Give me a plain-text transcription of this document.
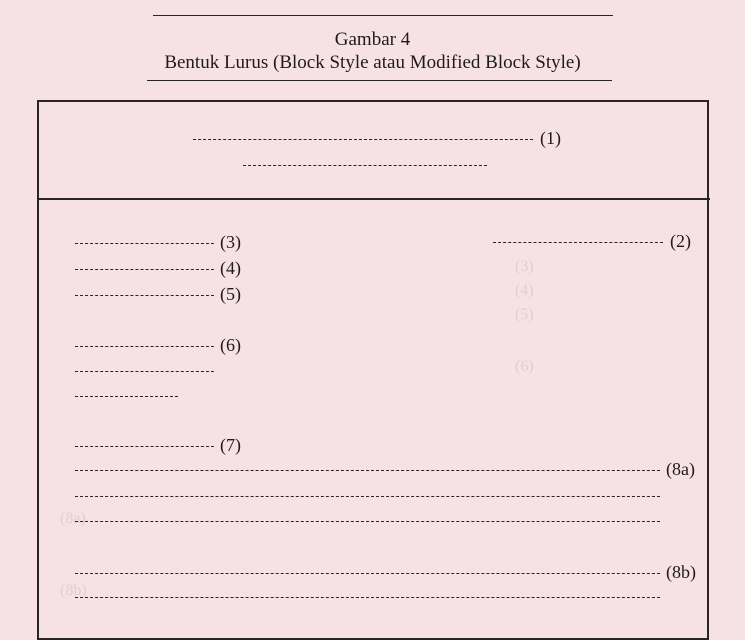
Gambar 4
Bentuk Lurus (Block Style atau Modified Block Style)
(3)
(4)
(5)
(6)
(8a)
(8b)
(1)
(2)
(3)
(4)
(5)
(6)
(7)
(8a)
(8b)
